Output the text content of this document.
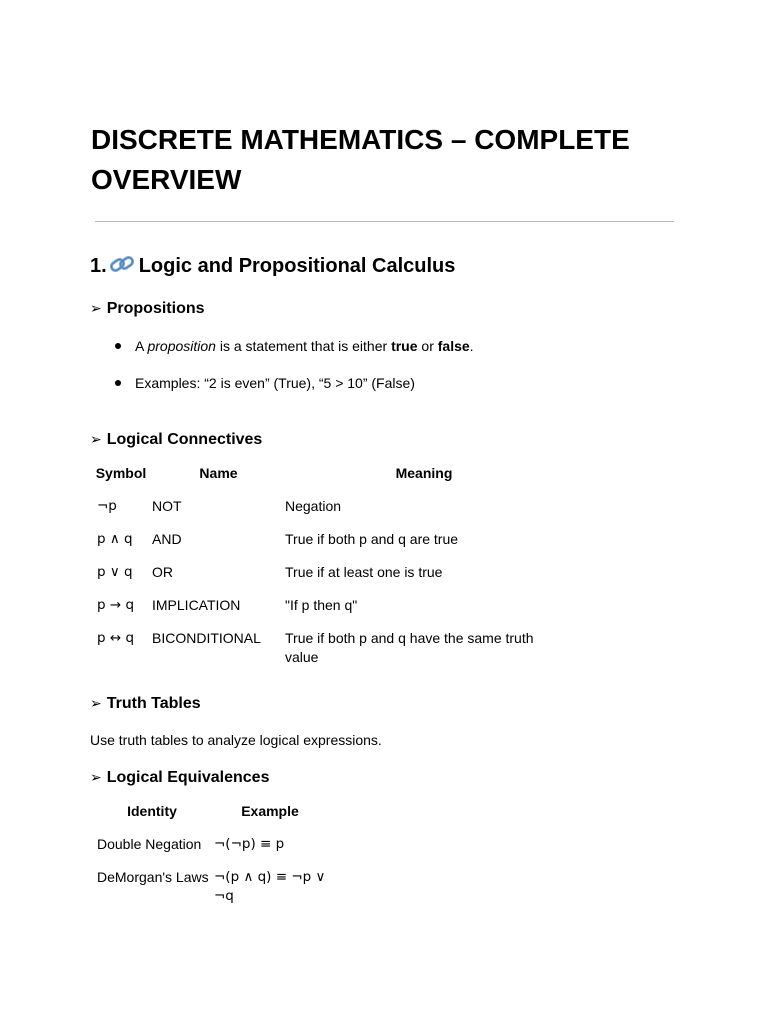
DISCRETE MATHEMATICS – COMPLETE OVERVIEW
1. Logic and Propositional Calculus
➢ Propositions
A proposition is a statement that is either true or false.
Examples: “2 is even” (True), “5 > 10” (False)
➢ Logical Connectives
Symbol	Name	Meaning
¬p	NOT	Negation
p ∧ q	AND	True if both p and q are true
p ∨ q	OR	True if at least one is true
p → q	IMPLICATION	"If p then q"
p ↔ q	BICONDITIONAL	True if both p and q have the same truth value
➢ Truth Tables
Use truth tables to analyze logical expressions.
➢ Logical Equivalences
Identity	Example
Double Negation	¬(¬p) ≡ p
DeMorgan's Laws	¬(p ∧ q) ≡ ¬p ∨ ¬q
